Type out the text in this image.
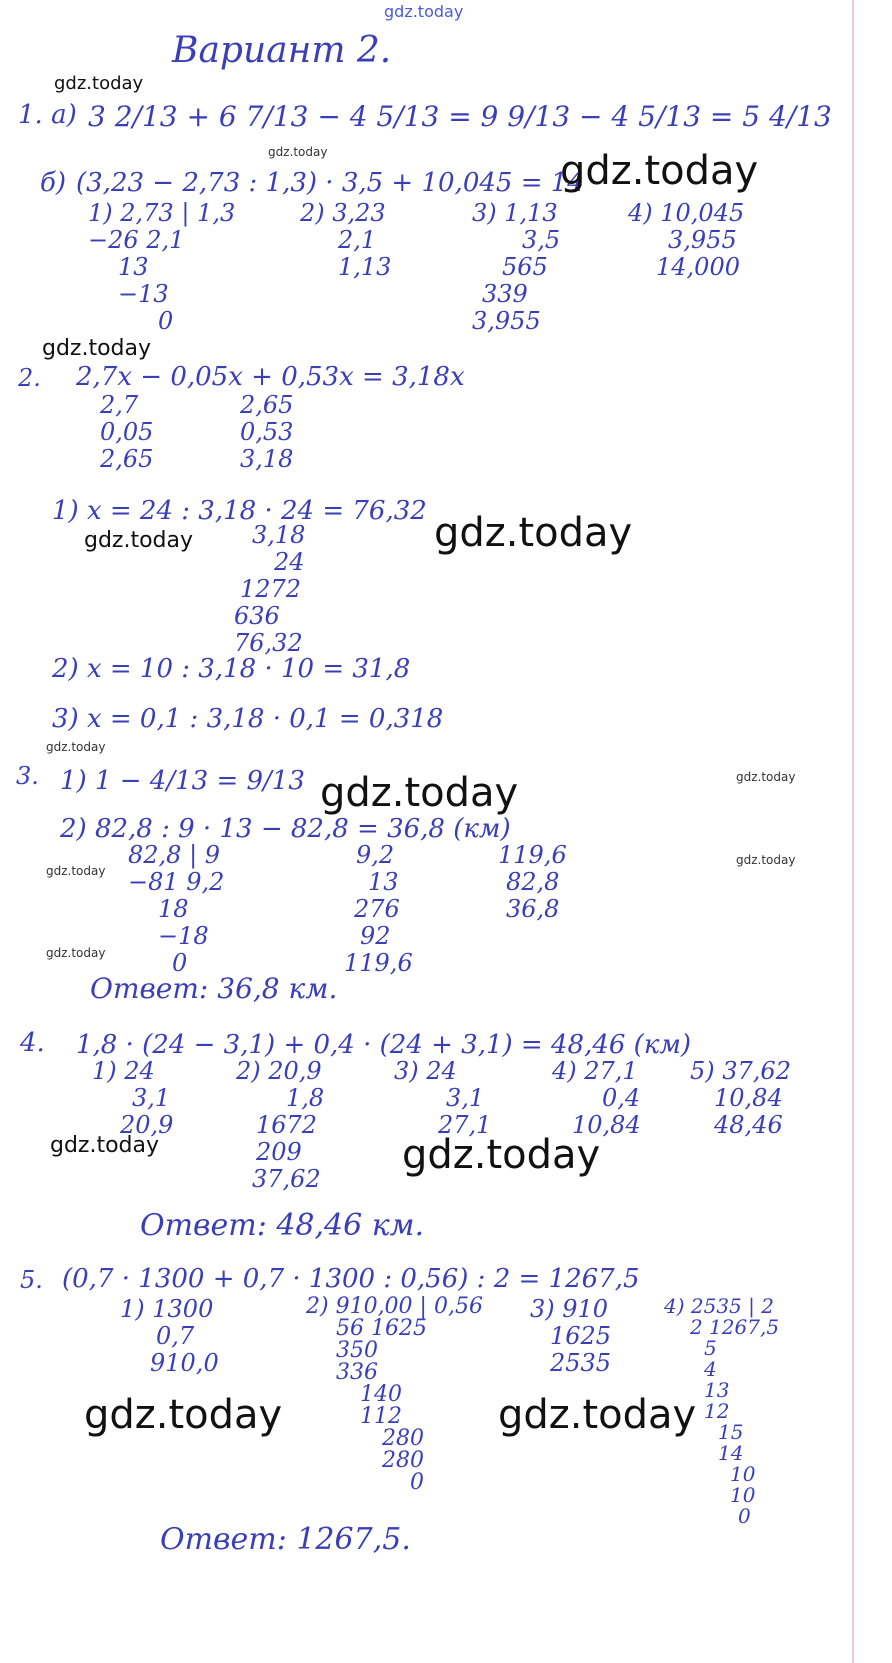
gdz.today
Вариант 2.
gdz.today
1. а) 3 2/13 + 6 7/13 − 4 5/13 = 9 9/13 − 4 5/13 = 5 4/13
gdz.today
б) (3,23 − 2,73 : 1,3) · 3,5 + 10,045 = 14
gdz.today
1) 2,73 | 1,3
−26 2,1
13
−13
0
2) 3,23
2,1
1,13
3) 1,13
3,5
565
339
3,955
4) 10,045
3,955
14,000
gdz.today
2. 2,7x − 0,05x + 0,53x = 3,18x
2,7
0,05
2,65
2,65
0,53
3,18
1) x = 24 : 3,18 · 24 = 76,32
gdz.today	gdz.today
3,18
24
1272
636
76,32
2) x = 10 : 3,18 · 10 = 31,8
3) x = 0,1 : 3,18 · 0,1 = 0,318
gdz.today
3. 1) 1 − 4/13 = 9/13 gdz.today	gdz.today
2) 82,8 : 9 · 13 − 82,8 = 36,8 (км)
gdz.today
gdz.today
82,8 | 9
−81 9,2
18
−18
0
gdz.today
9,2
13
276
92
119,6
119,6
82,8
36,8
Ответ: 36,8 км.
4. 1,8 · (24 − 3,1) + 0,4 · (24 + 3,1) = 48,46 (км)
1) 24
3,1
20,9
gdz.today
2) 20,9
1,8
1672
209
37,62
3) 24
3,1
27,1
gdz.today
4) 27,1
0,4
10,84
5) 37,62
10,84
48,46
Ответ: 48,46 км.
5. (0,7 · 1300 + 0,7 · 1300 : 0,56) : 2 = 1267,5
1) 1300
0,7
910,0
gdz.today
2) 910,00 | 0,56
56 1625
350
336
140
112
280
280
0
3) 910
1625
2535
gdz.today
4) 2535 | 2
2 1267,5
5
4
13
12
15
14
10
10
0
Ответ: 1267,5.
